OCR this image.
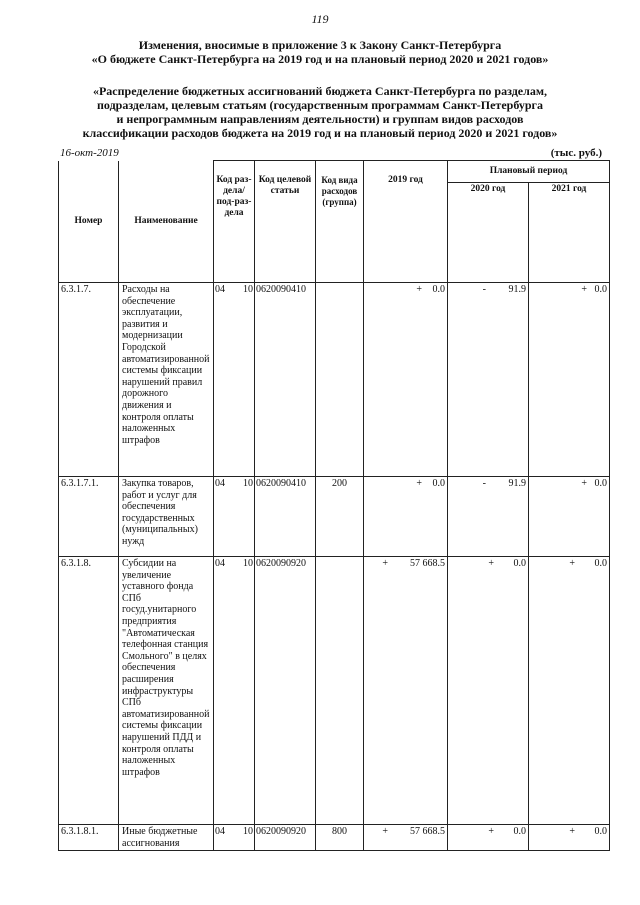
119
Изменения, вносимые в приложение 3 к Закону Санкт-Петербурга
«О бюджете Санкт-Петербурга на 2019 год и на плановый период 2020 и 2021 годов»
«Распределение бюджетных ассигнований бюджета Санкт-Петербурга по разделам,
подразделам, целевым статьям (государственным программам Санкт-Петербурга
и непрограммным направлениям деятельности) и группам видов расходов
классификации расходов бюджета на 2019 год и на плановый период 2020 и 2021 годов»
16-окт-2019	(тыс. руб.)
Номер	Наименование	Код раз-дела/ под-раз-дела	Код целевой статьи	Код вида расходов (группа)	2019 год	Плановый период	
						2020 год	2021 год
6.3.1.7.	Расходы на обеспечение эксплуатации, развития и модернизации Городской автоматизированной системы фиксации нарушений правил дорожного движения и контроля оплаты наложенных штрафов	04 10	0620090410		+ 0.0	- 91.9	+ 0.0

6.3.1.7.1.	Закупка товаров, работ и услуг для обеспечения государственных (муниципальных) нужд	04 10	0620090410	200	+ 0.0	- 91.9	+ 0.0

6.3.1.8.	Субсидии на увеличение уставного фонда СПб госуд.унитарного предприятия "Автоматическая телефонная станция Смольного" в целях обеспечения расширения инфраструктуры СПб автоматизированной системы фиксации нарушений ПДД и контроля оплаты наложенных штрафов	04 10	0620090920		+ 57 668.5	+ 0.0	+ 0.0

6.3.1.8.1.	Иные бюджетные ассигнования	04 10	0620090920	800	+ 57 668.5	+ 0.0	+ 0.0
